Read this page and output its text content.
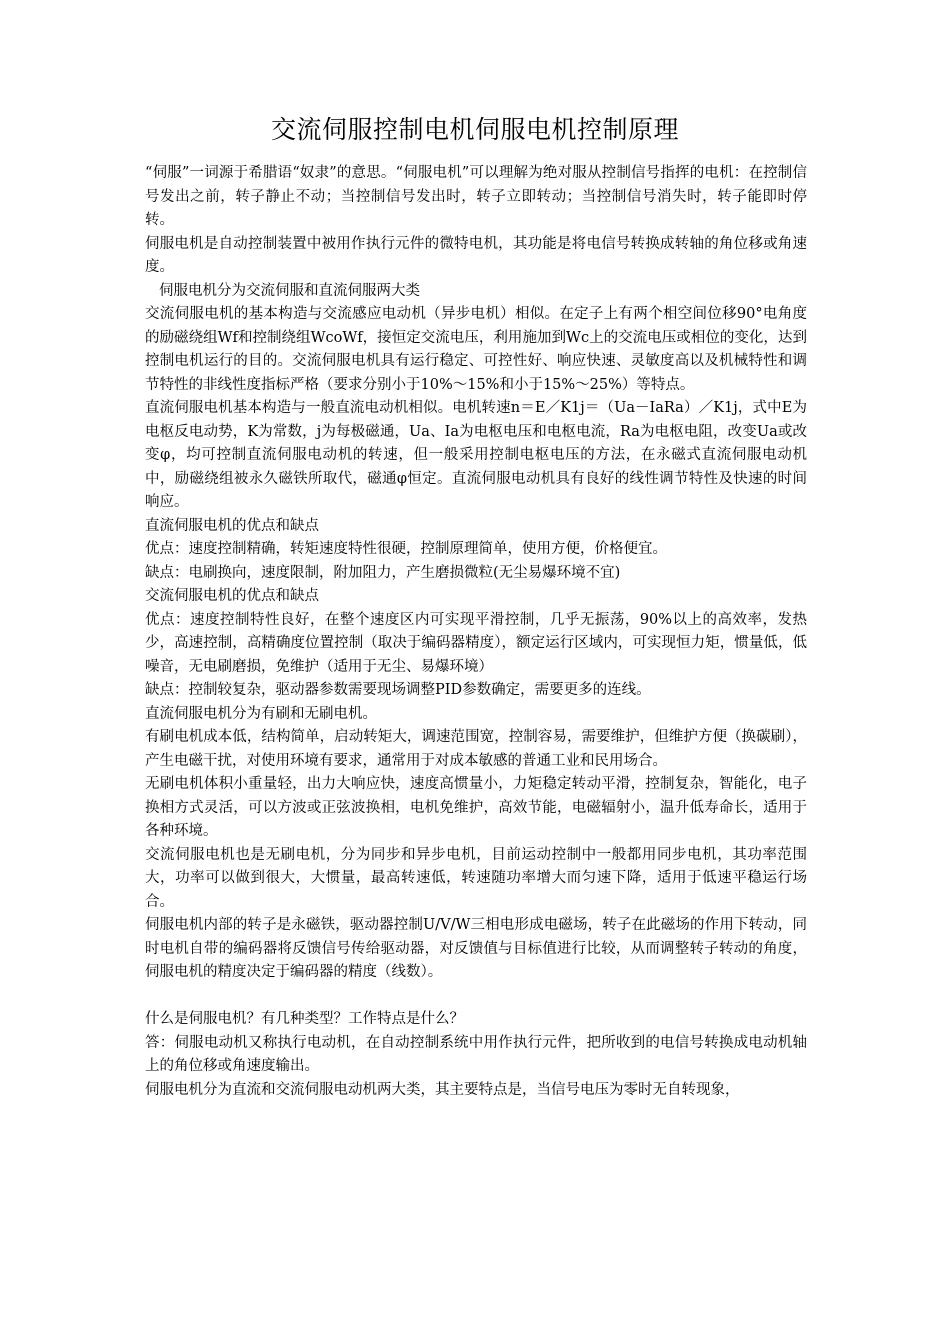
交流伺服控制电机伺服电机控制原理

“伺服”一词源于希腊语“奴隶”的意思。“伺服电机”可以理解为绝对服从控制信号指挥的电机：在控制信号发出之前，转子静止不动；当控制信号发出时，转子立即转动；当控制信号消失时，转子能即时停转。

伺服电机是自动控制装置中被用作执行元件的微特电机，其功能是将电信号转换成转轴的角位移或角速度。

伺服电机分为交流伺服和直流伺服两大类

交流伺服电机的基本构造与交流感应电动机（异步电机）相似。在定子上有两个相空间位移90°电角度的励磁绕组Wf和控制绕组WcoWf，接恒定交流电压，利用施加到Wc上的交流电压或相位的变化，达到控制电机运行的目的。交流伺服电机具有运行稳定、可控性好、响应快速、灵敏度高以及机械特性和调节特性的非线性度指标严格（要求分别小于10%～15%和小于15%～25%）等特点。

直流伺服电机基本构造与一般直流电动机相似。电机转速n＝E／K1j＝（Ua－IaRa）／K1j，式中E为电枢反电动势，K为常数，j为每极磁通，Ua、Ia为电枢电压和电枢电流，Ra为电枢电阻，改变Ua或改变φ，均可控制直流伺服电动机的转速，但一般采用控制电枢电压的方法，在永磁式直流伺服电动机中，励磁绕组被永久磁铁所取代，磁通φ恒定。直流伺服电动机具有良好的线性调节特性及快速的时间响应。

直流伺服电机的优点和缺点

优点：速度控制精确，转矩速度特性很硬，控制原理简单，使用方便，价格便宜。

缺点：电刷换向，速度限制，附加阻力，产生磨损微粒(无尘易爆环境不宜)

交流伺服电机的优点和缺点

优点：速度控制特性良好，在整个速度区内可实现平滑控制，几乎无振荡，90%以上的高效率，发热少，高速控制，高精确度位置控制（取决于编码器精度），额定运行区域内，可实现恒力矩，惯量低，低噪音，无电刷磨损，免维护（适用于无尘、易爆环境）

缺点：控制较复杂，驱动器参数需要现场调整PID参数确定，需要更多的连线。

直流伺服电机分为有刷和无刷电机。

有刷电机成本低，结构简单，启动转矩大，调速范围宽，控制容易，需要维护，但维护方便（换碳刷），产生电磁干扰，对使用环境有要求，通常用于对成本敏感的普通工业和民用场合。

无刷电机体积小重量轻，出力大响应快，速度高惯量小，力矩稳定转动平滑，控制复杂，智能化，电子换相方式灵活，可以方波或正弦波换相，电机免维护，高效节能，电磁辐射小，温升低寿命长，适用于各种环境。

交流伺服电机也是无刷电机，分为同步和异步电机，目前运动控制中一般都用同步电机，其功率范围大，功率可以做到很大，大惯量，最高转速低，转速随功率增大而匀速下降，适用于低速平稳运行场合。

伺服电机内部的转子是永磁铁，驱动器控制U/V/W三相电形成电磁场，转子在此磁场的作用下转动，同时电机自带的编码器将反馈信号传给驱动器，对反馈值与目标值进行比较，从而调整转子转动的角度，伺服电机的精度决定于编码器的精度（线数）。

什么是伺服电机？有几种类型？工作特点是什么？

答：伺服电动机又称执行电动机，在自动控制系统中用作执行元件，把所收到的电信号转换成电动机轴上的角位移或角速度输出。

伺服电机分为直流和交流伺服电动机两大类，其主要特点是，当信号电压为零时无自转现象，
